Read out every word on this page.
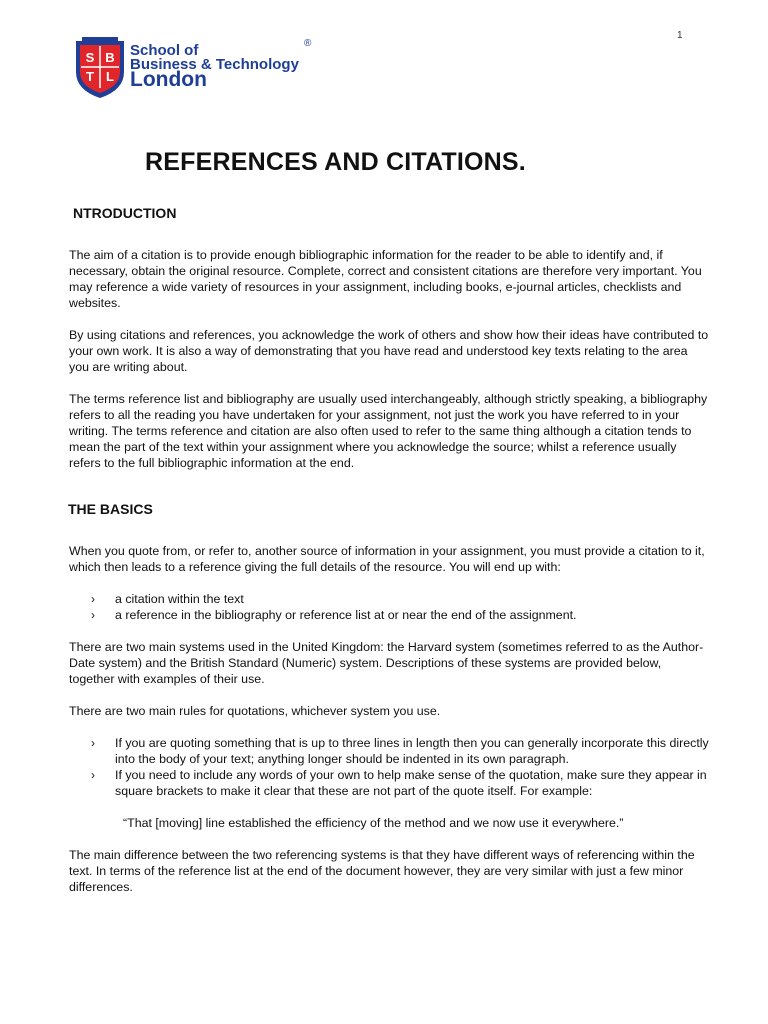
1
S B
T L
School of
Business & Technology
London
®
REFERENCES AND CITATIONS.
NTRODUCTION

The aim of a citation is to provide enough bibliographic information for the reader to be able to identify and, if necessary, obtain the original resource. Complete, correct and consistent citations are therefore very important. You may reference a wide variety of resources in your assignment, including books, e-journal articles, checklists and websites.

By using citations and references, you acknowledge the work of others and show how their ideas have contributed to your own work. It is also a way of demonstrating that you have read and understood key texts relating to the area you are writing about.

The terms reference list and bibliography are usually used interchangeably, although strictly speaking, a bibliography refers to all the reading you have undertaken for your assignment, not just the work you have referred to in your writing. The terms reference and citation are also often used to refer to the same thing although a citation tends to mean the part of the text within your assignment where you acknowledge the source; whilst a reference usually refers to the full bibliographic information at the end.

THE BASICS

When you quote from, or refer to, another source of information in your assignment, you must provide a citation to it, which then leads to a reference giving the full details of the resource. You will end up with:

› a citation within the text
› a reference in the bibliography or reference list at or near the end of the assignment.

There are two main systems used in the United Kingdom: the Harvard system (sometimes referred to as the Author-Date system) and the British Standard (Numeric) system. Descriptions of these systems are provided below, together with examples of their use.

There are two main rules for quotations, whichever system you use.

› If you are quoting something that is up to three lines in length then you can generally incorporate this directly into the body of your text; anything longer should be indented in its own paragraph.
› If you need to include any words of your own to help make sense of the quotation, make sure they appear in square brackets to make it clear that these are not part of the quote itself. For example:

“That [moving] line established the efficiency of the method and we now use it everywhere.”

The main difference between the two referencing systems is that they have different ways of referencing within the text. In terms of the reference list at the end of the document however, they are very similar with just a few minor differences.
